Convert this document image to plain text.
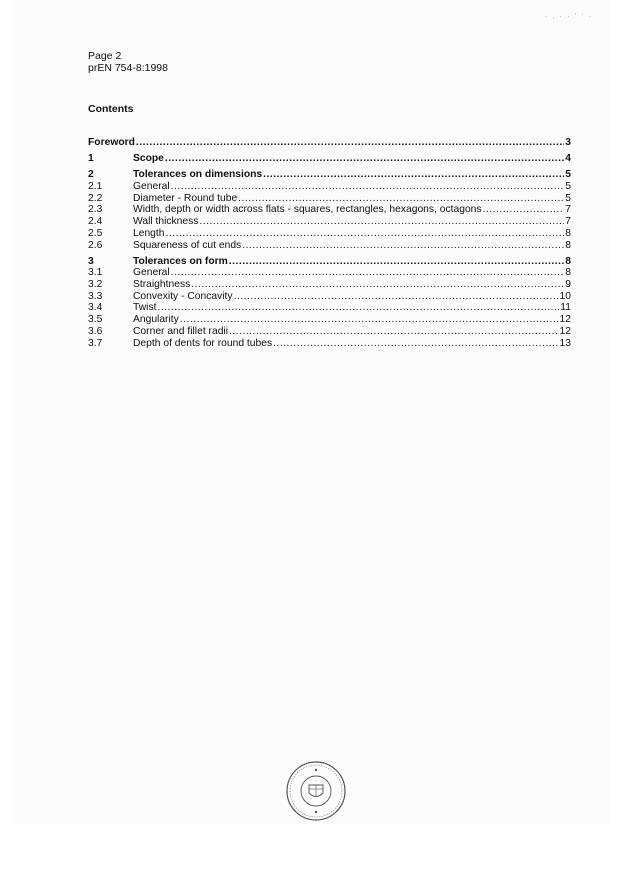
· ‚ · · ʼ ‛ ·
Page 2
prEN 754-8:1998
Contents
Foreword .....	3
1	Scope .....	4
2	Tolerances on dimensions .....	5
2.1	General .....	5
2.2	Diameter - Round tube .....	5
2.3	Width, depth or width across flats - squares, rectangles, hexagons, octagons .....	7
2.4	Wall thickness .....	7
2.5	Length .....	8
2.6	Squareness of cut ends .....	8
3	Tolerances on form .....	8
3.1	General .....	8
3.2	Straightness .....	9
3.3	Convexity - Concavity .....	10
3.4	Twist .....	11
3.5	Angularity .....	12
3.6	Corner and fillet radii .....	12
3.7	Depth of dents for round tubes .....	13
